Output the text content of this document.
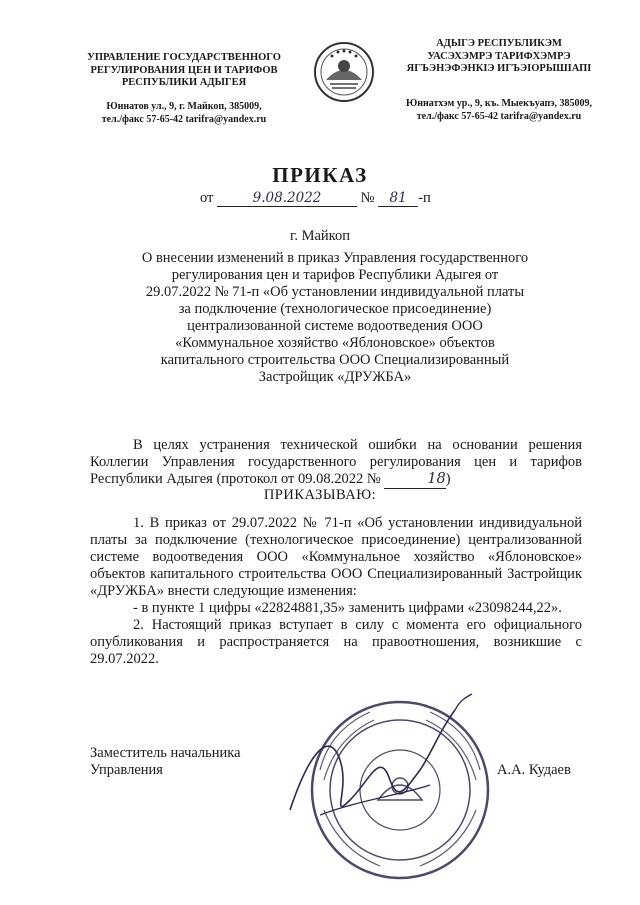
УПРАВЛЕНИЕ ГОСУДАРСТВЕННОГО
РЕГУЛИРОВАНИЯ ЦЕН И ТАРИФОВ
РЕСПУБЛИКИ АДЫГЕЯ
Юннатов ул., 9, г. Майкоп, 385009,
тел./факс 57-65-42 tarifra@yandex.ru
АДЫГЭ РЕСПУБЛИКЭМ
УАСЭХЭМРЭ ТАРИФХЭМРЭ
ЯГЪЭНЭФЭНКIЭ ИГЪЭIОРЫШIАПI
Юннатхэм ур., 9, къ. Мыекъуапэ, 385009,
тел./факс 57-65-42 tarifra@yandex.ru
ПРИКАЗ
от	9.08.2022	№ 81 -п
г. Майкоп
О внесении изменений в приказ Управления государственного регулирования цен и тарифов Республики Адыгея от 29.07.2022 № 71-п «Об установлении индивидуальной платы за подключение (технологическое присоединение) централизованной системе водоотведения ООО «Коммунальное хозяйство «Яблоновское» объектов капитального строительства ООО Специализированный Застройщик «ДРУЖБА»
В целях устранения технической ошибки на основании решения Коллегии Управления государственного регулирования цен и тарифов Республики Адыгея (протокол от 09.08.2022 №	18)
ПРИКАЗЫВАЮ:

1. В приказ от 29.07.2022 № 71-п «Об установлении индивидуальной платы за подключение (технологическое присоединение) централизованной системе водоотведения ООО «Коммунальное хозяйство «Яблоновское» объектов капитального строительства ООО Специализированный Застройщик «ДРУЖБА» внести следующие изменения:

- в пункте 1 цифры «22824881,35» заменить цифрами «23098244,22».

2. Настоящий приказ вступает в силу с момента его официального опубликования и распространяется на правоотношения, возникшие с 29.07.2022.

Заместитель начальника
Управления	А.А. Кудаев
